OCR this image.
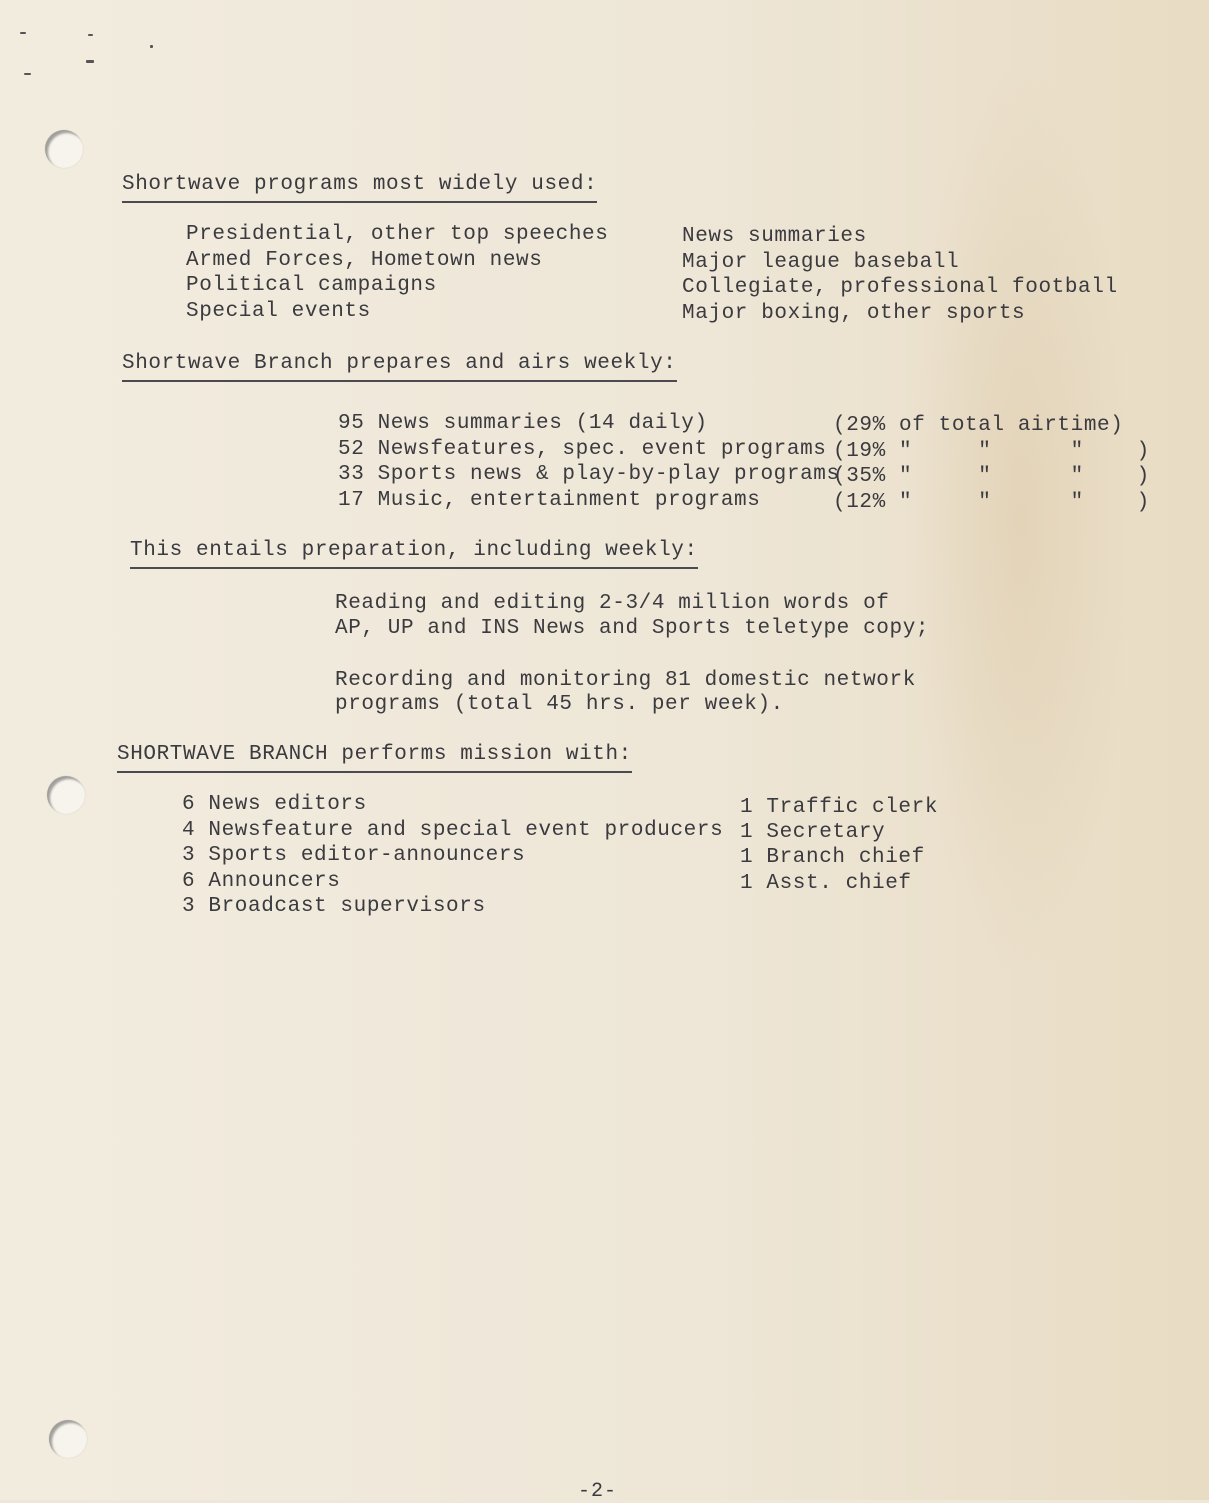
Shortwave programs most widely used:
Presidential, other top speeches
Armed Forces, Hometown news
Political campaigns
Special events
News summaries
Major league baseball
Collegiate, professional football
Major boxing, other sports
Shortwave Branch prepares and airs weekly:
95 News summaries (14 daily)
52 Newsfeatures, spec. event programs
33 Sports news & play-by-play programs
17 Music, entertainment programs
(29% of total airtime)
(19% "     "      "    )
(35% "     "      "    )
(12% "     "      "    )
This entails preparation, including weekly:
Reading and editing 2-3/4 million words of
AP, UP and INS News and Sports teletype copy;
Recording and monitoring 81 domestic network
programs (total 45 hrs. per week).
SHORTWAVE BRANCH performs mission with:
6 News editors
4 Newsfeature and special event producers
3 Sports editor-announcers
6 Announcers
3 Broadcast supervisors
1 Traffic clerk
1 Secretary
1 Branch chief
1 Asst. chief
-2-
